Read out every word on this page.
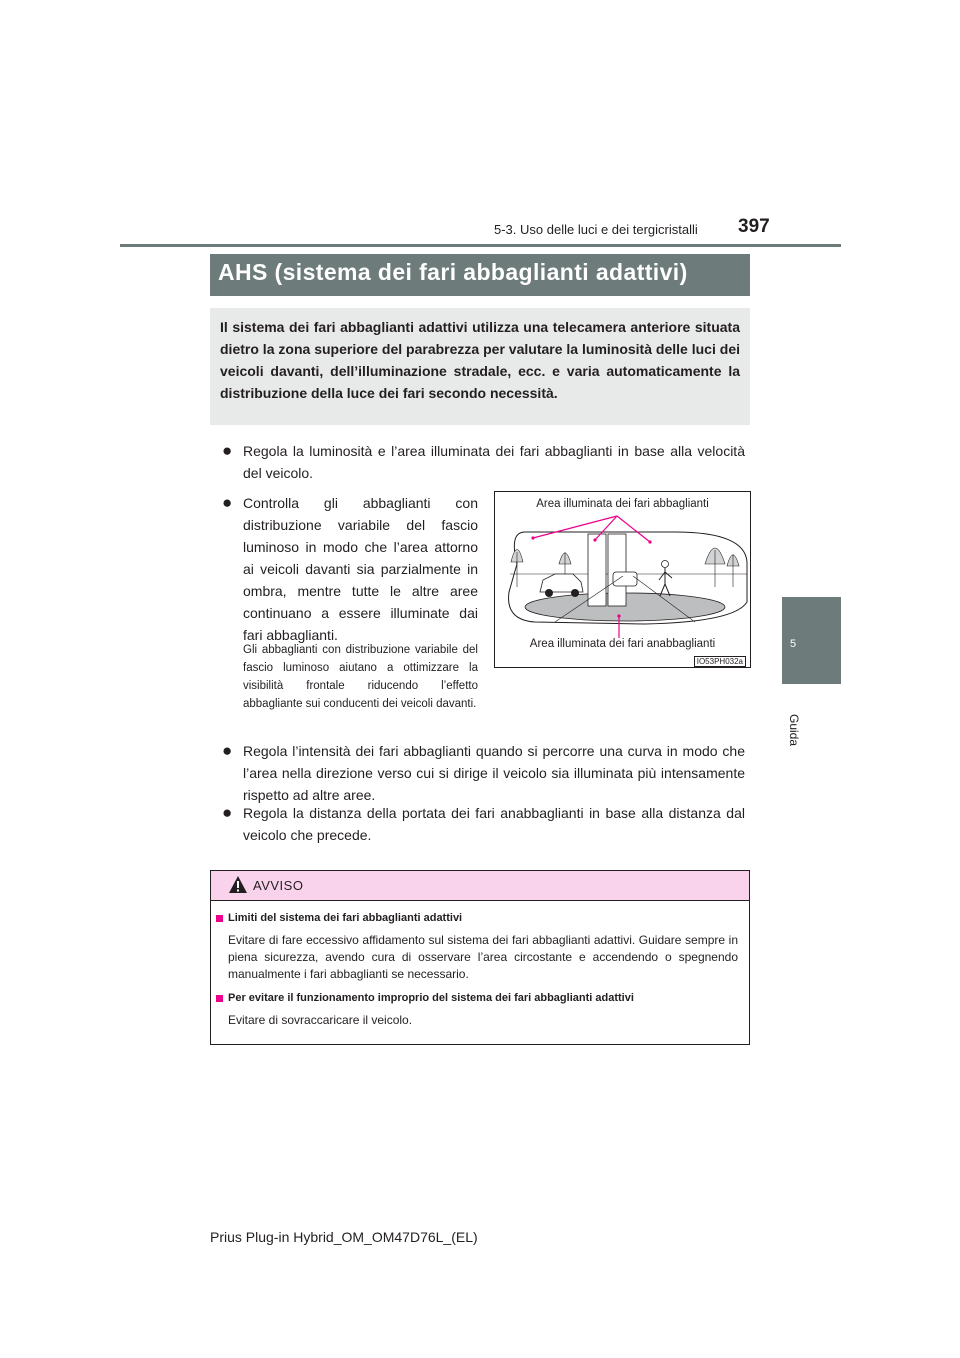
5-3. Uso delle luci e dei tergicristalli 397
5
Guida
AHS (sistema dei fari abbaglianti adattivi)
Il sistema dei fari abbaglianti adattivi utilizza una telecamera anteriore situata dietro la zona superiore del parabrezza per valutare la luminosità delle luci dei veicoli davanti, dell’illuminazione stradale, ecc. e varia automaticamente la distribuzione della luce dei fari secondo necessità.
● Regola la luminosità e l’area illuminata dei fari abbaglianti in base alla velocità del veicolo.
● Controlla gli abbaglianti con distribuzione variabile del fascio luminoso in modo che l’area attorno ai veicoli davanti sia parzialmente in ombra, mentre tutte le altre aree continuano a essere illuminate dai fari abbaglianti.
Gli abbaglianti con distribuzione variabile del fascio luminoso aiutano a ottimizzare la visibilità frontale riducendo l’effetto abbagliante sui conducenti dei veicoli davanti.
Area illuminata dei fari abbaglianti
Area illuminata dei fari anabbaglianti
IO53PH032a
● Regola l’intensità dei fari abbaglianti quando si percorre una curva in modo che l’area nella direzione verso cui si dirige il veicolo sia illuminata più intensamente rispetto ad altre aree.
● Regola la distanza della portata dei fari anabbaglianti in base alla distanza dal veicolo che precede.
AVVISO
Limiti del sistema dei fari abbaglianti adattivi
Evitare di fare eccessivo affidamento sul sistema dei fari abbaglianti adattivi. Guidare sempre in piena sicurezza, avendo cura di osservare l’area circostante e accendendo o spegnendo manualmente i fari abbaglianti se necessario.
Per evitare il funzionamento improprio del sistema dei fari abbaglianti adattivi
Evitare di sovraccaricare il veicolo.
Prius Plug-in Hybrid_OM_OM47D76L_(EL)
